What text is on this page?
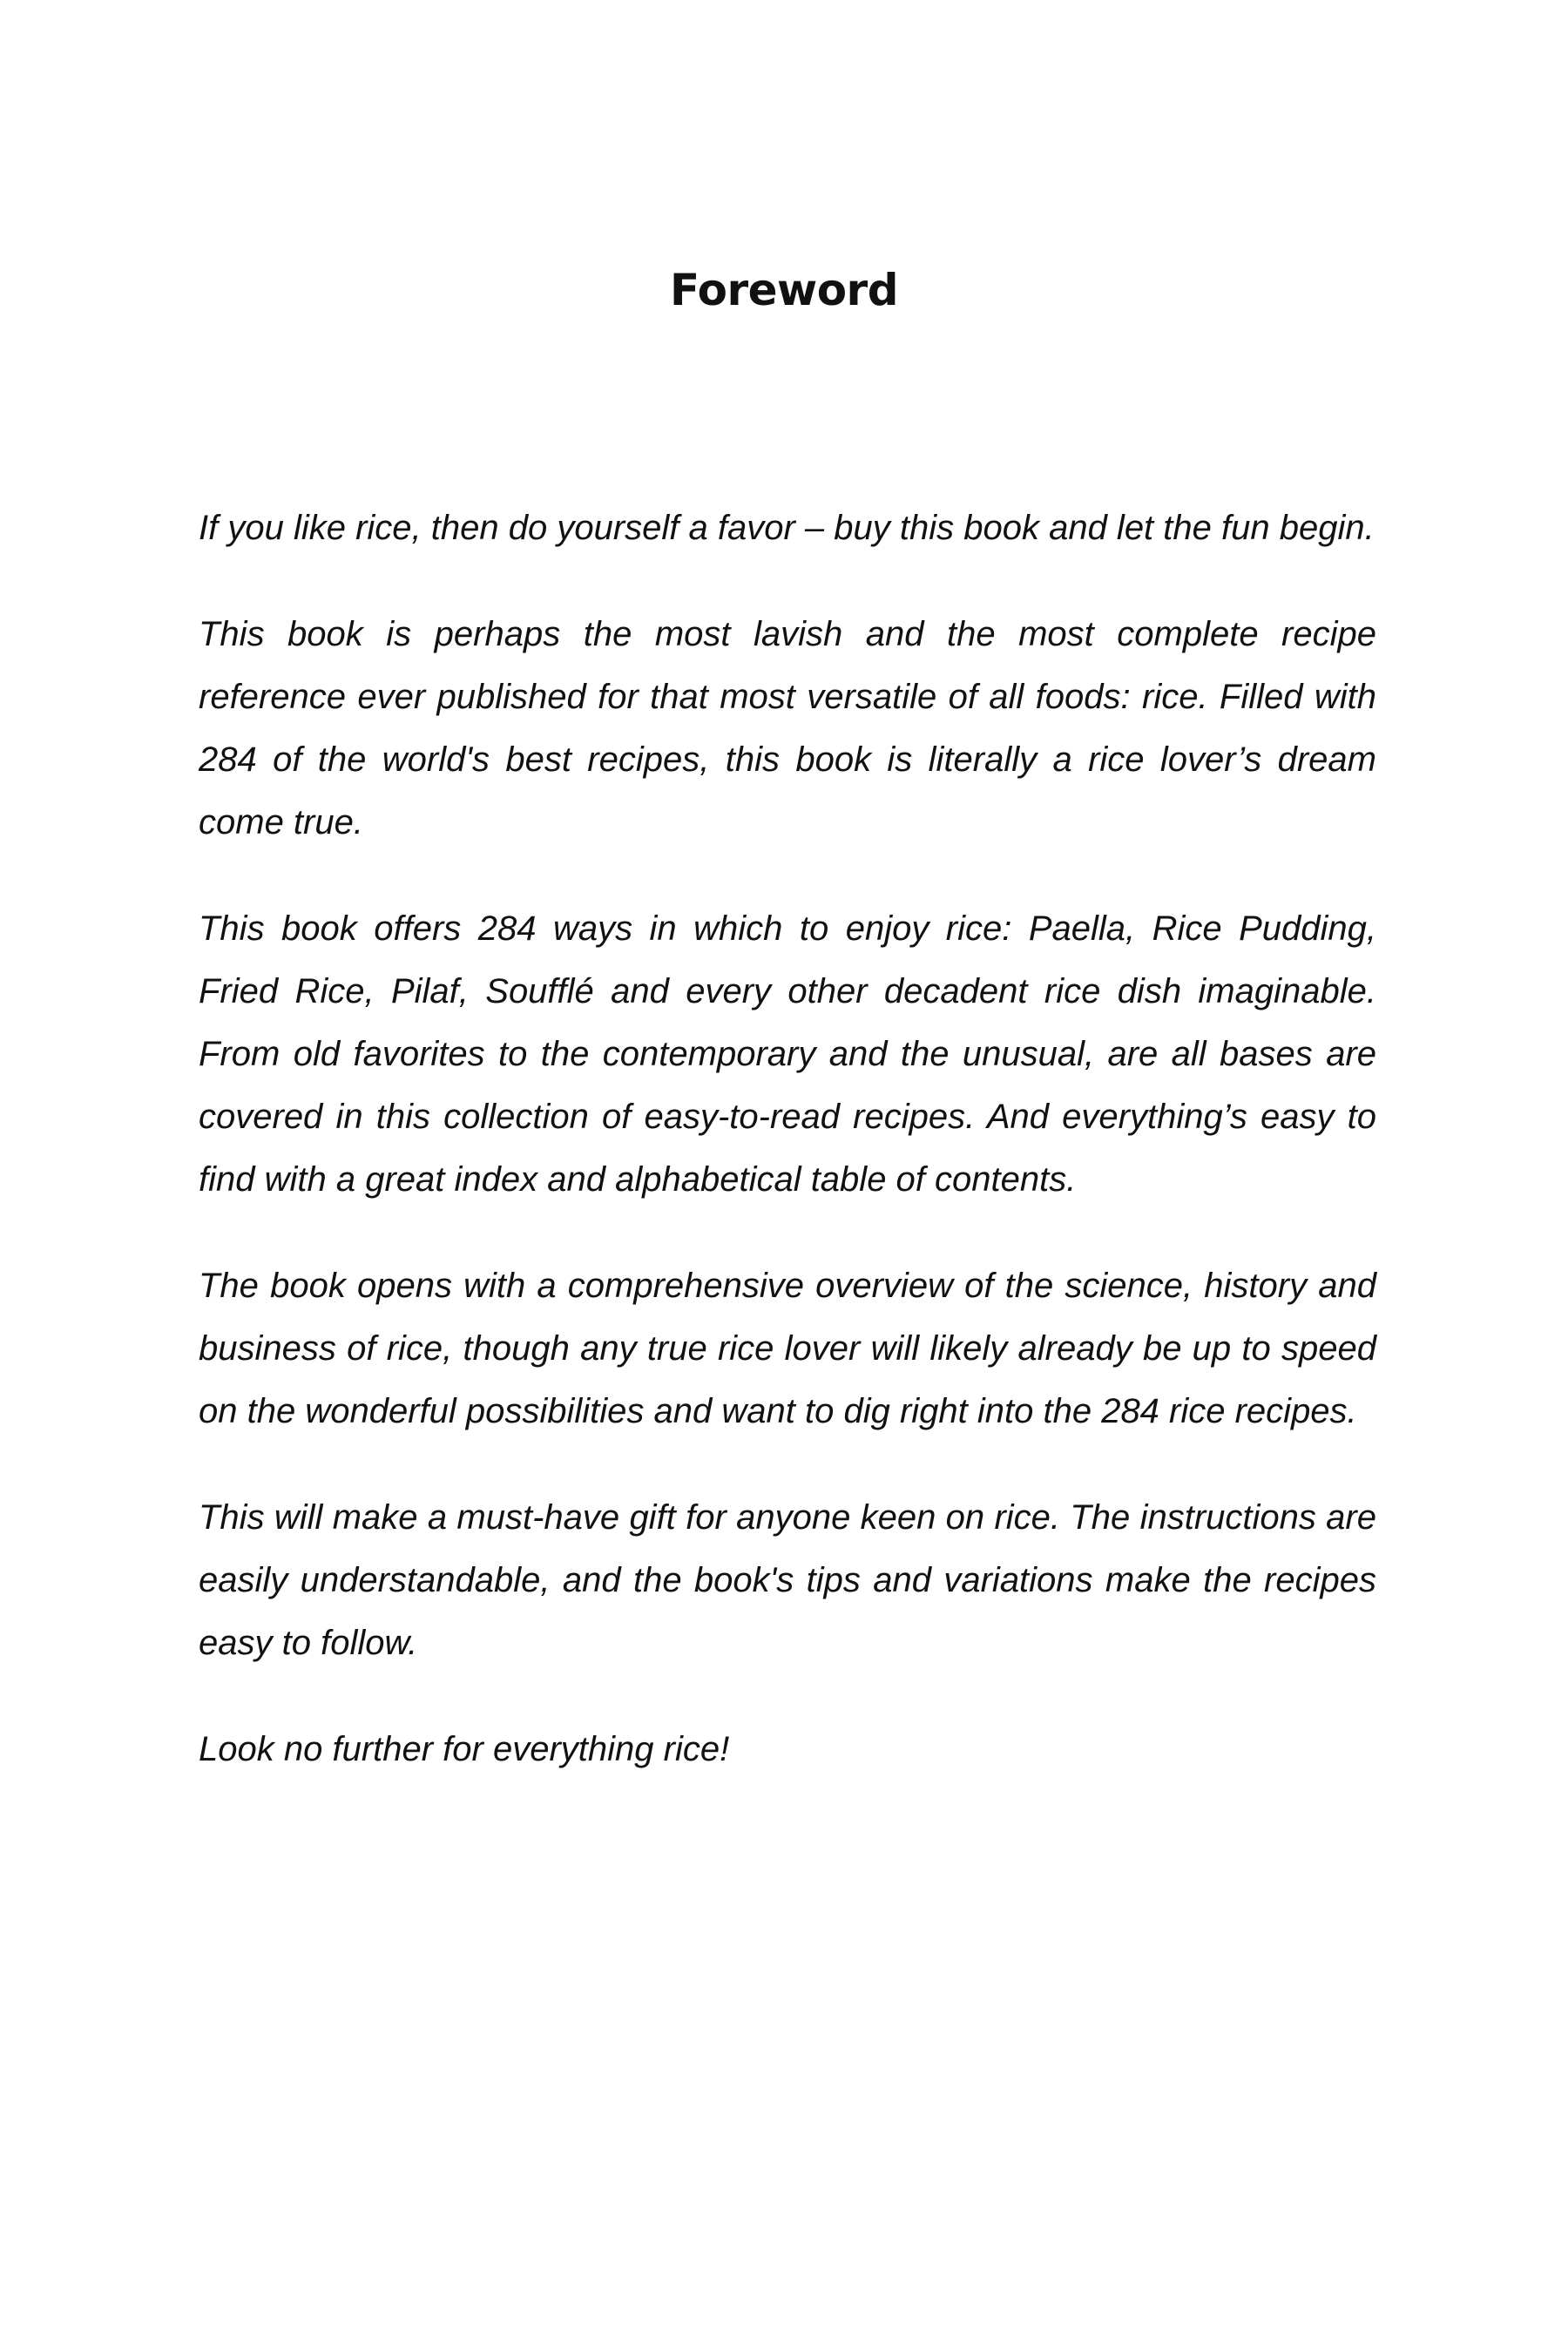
Foreword

If you like rice, then do yourself a favor – buy this book and let the fun begin.

This book is perhaps the most lavish and the most complete recipe reference ever published for that most versatile of all foods: rice. Filled with 284 of the world's best recipes, this book is literally a rice lover’s dream come true.

This book offers 284 ways in which to enjoy rice: Paella, Rice Pudding, Fried Rice, Pilaf, Soufflé and every other decadent rice dish imaginable. From old favorites to the contemporary and the unusual, are all bases are covered in this collection of easy-to-read recipes. And everything’s easy to find with a great index and alphabetical table of contents.

The book opens with a comprehensive overview of the science, history and business of rice, though any true rice lover will likely already be up to speed on the wonderful possibilities and want to dig right into the 284 rice recipes.

This will make a must-have gift for anyone keen on rice. The instructions are easily understandable, and the book's tips and variations make the recipes easy to follow.

Look no further for everything rice!
